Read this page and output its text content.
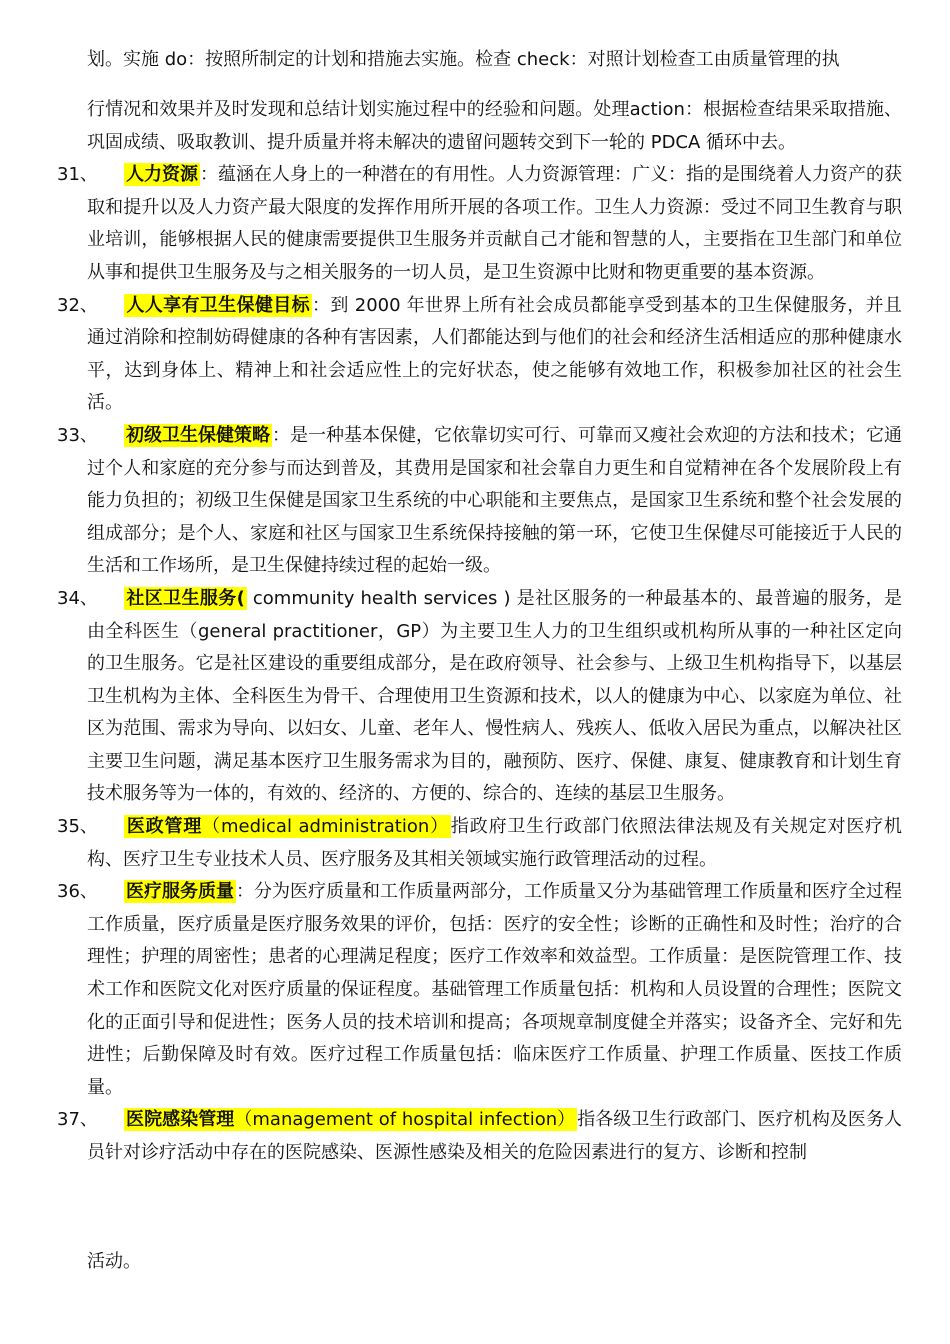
划。实施 do：按照所制定的计划和措施去实施。检查 check：对照计划检查工由质量管理的执

行情况和效果并及时发现和总结计划实施过程中的经验和问题。处理action：根据检查结果采取措施、巩固成绩、吸取教训、提升质量并将未解决的遗留问题转交到下一轮的 PDCA 循环中去。

31、	人力资源 ：蕴涵在人身上的一种潜在的有用性。人力资源管理：广义：指的是围绕着人力资产的获取和提升以及人力资产最大限度的发挥作用所开展的各项工作。卫生人力资源：受过不同卫生教育与职业培训，能够根据人民的健康需要提供卫生服务并贡献自己才能和智慧的人，主要指在卫生部门和单位从事和提供卫生服务及与之相关服务的一切人员，是卫生资源中比财和物更重要的基本资源。

32、	人人享有卫生保健目标 ：到 2000 年世界上所有社会成员都能享受到基本的卫生保健服务，并且通过消除和控制妨碍健康的各种有害因素，人们都能达到与他们的社会和经济生活相适应的那种健康水平，达到身体上、精神上和社会适应性上的完好状态，使之能够有效地工作，积极参加社区的社会生活。

33、	初级卫生保健策略 ：是一种基本保健，它依靠切实可行、可靠而又瘦社会欢迎的方法和技术；它通过个人和家庭的充分参与而达到普及，其费用是国家和社会靠自力更生和自觉精神在各个发展阶段上有能力负担的；初级卫生保健是国家卫生系统的中心职能和主要焦点，是国家卫生系统和整个社会发展的组成部分；是个人、家庭和社区与国家卫生系统保持接触的第一环，它使卫生保健尽可能接近于人民的生活和工作场所，是卫生保健持续过程的起始一级。

34、	社区卫生服务( community health services ) 是社区服务的一种最基本的、最普遍的服务，是由全科医生（general practitioner，GP）为主要卫生人力的卫生组织或机构所从事的一种社区定向的卫生服务。它是社区建设的重要组成部分，是在政府领导、社会参与、上级卫生机构指导下，以基层卫生机构为主体、全科医生为骨干、合理使用卫生资源和技术，以人的健康为中心、以家庭为单位、社区为范围、需求为导向、以妇女、儿童、老年人、慢性病人、残疾人、低收入居民为重点，以解决社区主要卫生问题，满足基本医疗卫生服务需求为目的，融预防、医疗、保健、康复、健康教育和计划生育技术服务等为一体的，有效的、经济的、方便的、综合的、连续的基层卫生服务。

35、	医政管理（medical administration） 指政府卫生行政部门依照法律法规及有关规定对医疗机构、医疗卫生专业技术人员、医疗服务及其相关领域实施行政管理活动的过程。

36、	医疗服务质量 ：分为医疗质量和工作质量两部分，工作质量又分为基础管理工作质量和医疗全过程工作质量，医疗质量是医疗服务效果的评价，包括：医疗的安全性；诊断的正确性和及时性；治疗的合理性；护理的周密性；患者的心理满足程度；医疗工作效率和效益型。工作质量：是医院管理工作、技术工作和医院文化对医疗质量的保证程度。基础管理工作质量包括：机构和人员设置的合理性；医院文化的正面引导和促进性；医务人员的技术培训和提高；各项规章制度健全并落实；设备齐全、完好和先进性；后勤保障及时有效。医疗过程工作质量包括：临床医疗工作质量、护理工作质量、医技工作质量。

37、	医院感染管理（management of hospital infection） 指各级卫生行政部门、医疗机构及医务人员针对诊疗活动中存在的医院感染、医源性感染及相关的危险因素进行的复方、诊断和控制

活动。
